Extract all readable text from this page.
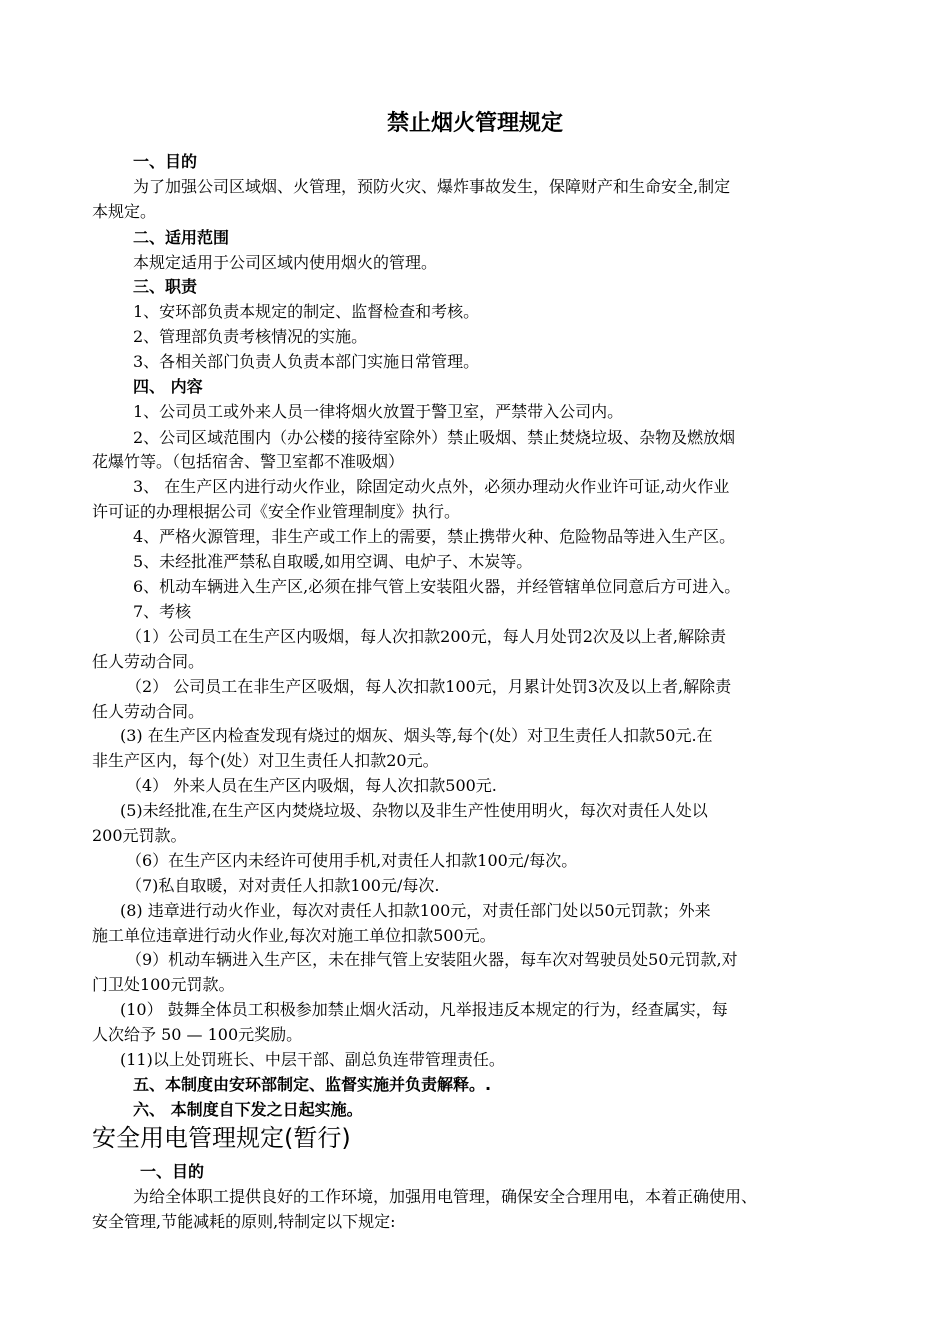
禁止烟火管理规定
一、目的
为了加强公司区域烟、火管理，预防火灾、爆炸事故发生，保障财产和生命安全,制定
本规定。
二、适用范围
本规定适用于公司区域内使用烟火的管理。
三、职责
1、安环部负责本规定的制定、监督检查和考核。
2、管理部负责考核情况的实施。
3、各相关部门负责人负责本部门实施日常管理。
四、 内容
1、公司员工或外来人员一律将烟火放置于警卫室，严禁带入公司内。
2、公司区域范围内（办公楼的接待室除外）禁止吸烟、禁止焚烧垃圾、杂物及燃放烟
花爆竹等。（包括宿舍、警卫室都不准吸烟）
3、 在生产区内进行动火作业，除固定动火点外，必须办理动火作业许可证,动火作业
许可证的办理根据公司《安全作业管理制度》执行。
4、严格火源管理，非生产或工作上的需要，禁止携带火种、危险物品等进入生产区。
5、未经批准严禁私自取暖,如用空调、电炉子、木炭等。
6、机动车辆进入生产区,必须在排气管上安装阻火器，并经管辖单位同意后方可进入。
7、考核
（1）公司员工在生产区内吸烟，每人次扣款200元，每人月处罚2次及以上者,解除责
任人劳动合同。
（2） 公司员工在非生产区吸烟，每人次扣款100元，月累计处罚3次及以上者,解除责
任人劳动合同。
(3) 在生产区内检查发现有烧过的烟灰、烟头等,每个(处）对卫生责任人扣款50元.在
非生产区内，每个(处）对卫生责任人扣款20元。
（4） 外来人员在生产区内吸烟，每人次扣款500元.
(5)未经批准,在生产区内焚烧垃圾、杂物以及非生产性使用明火，每次对责任人处以
200元罚款。
（6）在生产区内未经许可使用手机,对责任人扣款100元/每次。
（7)私自取暖，对对责任人扣款100元/每次.
(8) 违章进行动火作业，每次对责任人扣款100元，对责任部门处以50元罚款；外来
施工单位违章进行动火作业,每次对施工单位扣款500元。
（9）机动车辆进入生产区，未在排气管上安装阻火器，每车次对驾驶员处50元罚款,对
门卫处100元罚款。
(10） 鼓舞全体员工积极参加禁止烟火活动，凡举报违反本规定的行为，经查属实，每
人次给予 50 — 100元奖励。
(11)以上处罚班长、中层干部、副总负连带管理责任。
五、本制度由安环部制定、监督实施并负责解释。.
六、 本制度自下发之日起实施。
安全用电管理规定(暂行)
一、目的
为给全体职工提供良好的工作环境，加强用电管理，确保安全合理用电，本着正确使用、
安全管理,节能减耗的原则,特制定以下规定:
